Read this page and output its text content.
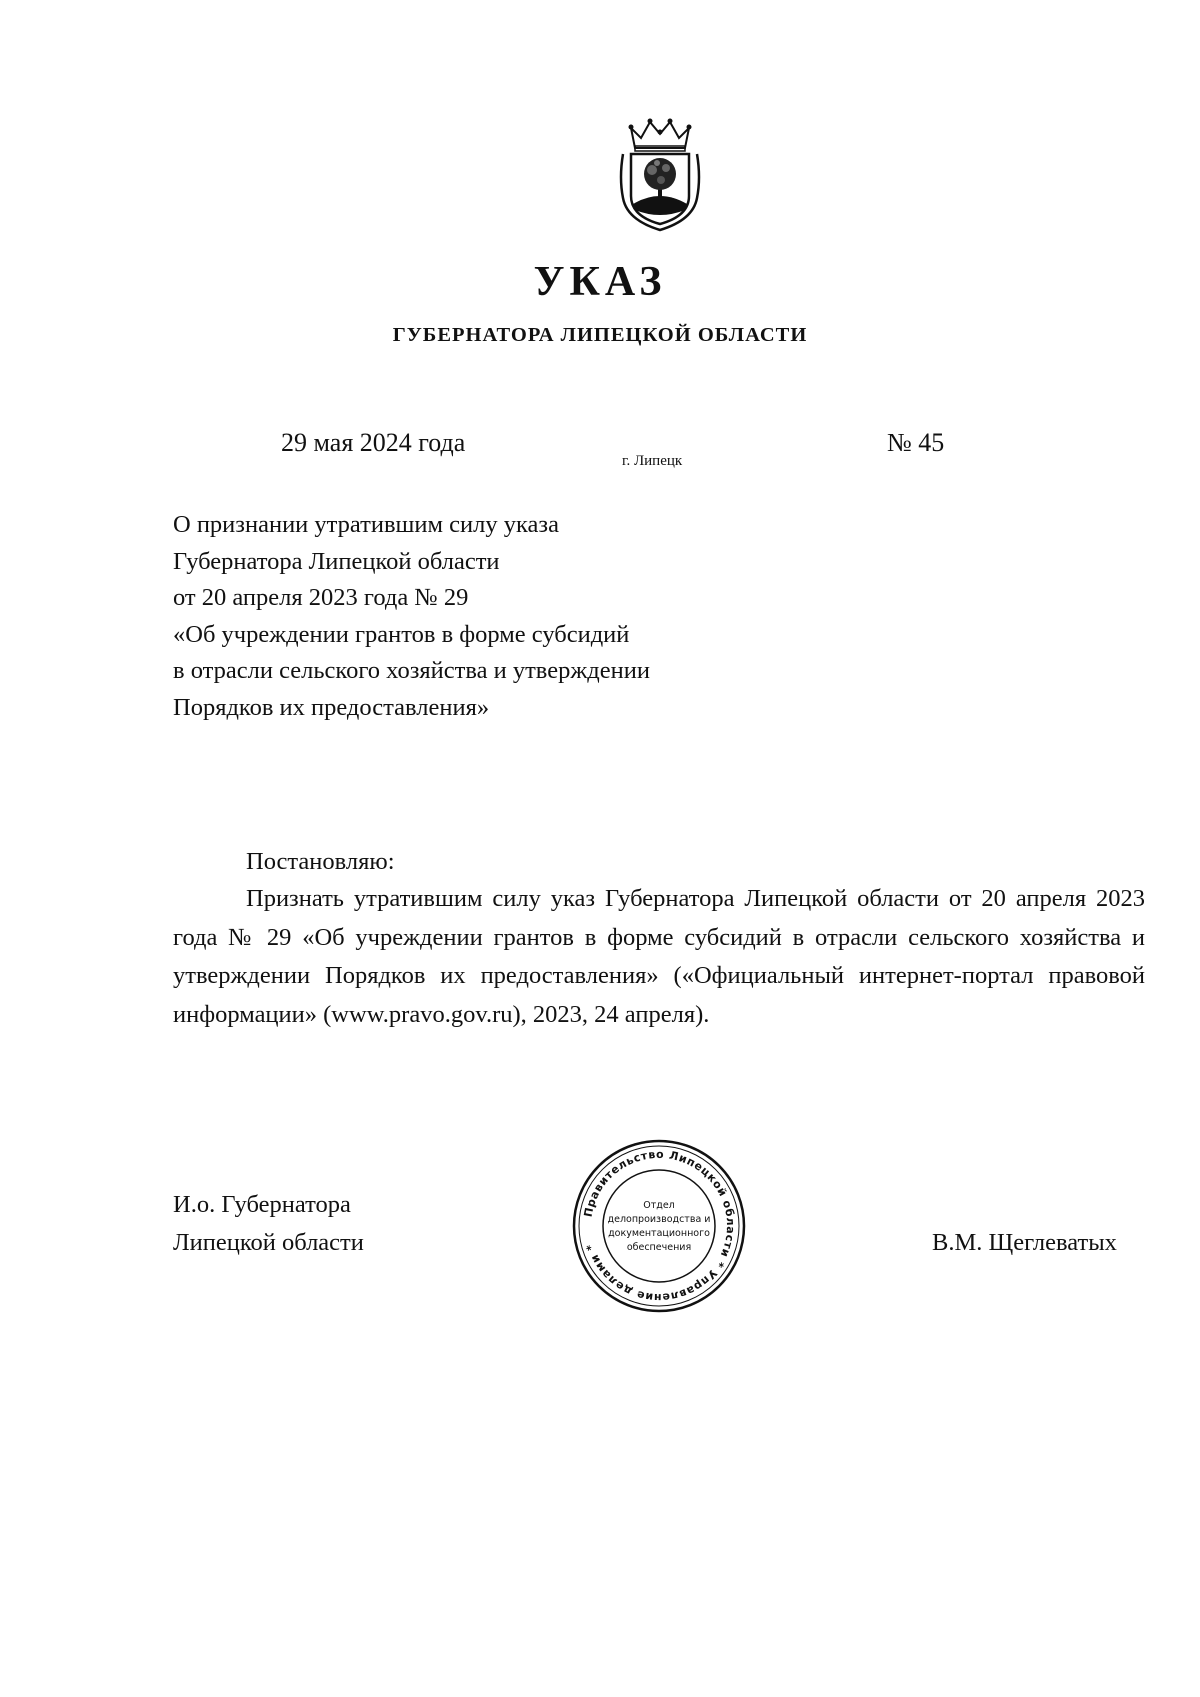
УКАЗ
ГУБЕРНАТОРА ЛИПЕЦКОЙ ОБЛАСТИ
29 мая 2024 года
г. Липецк
№ 45
О признании утратившим силу указа
Губернатора Липецкой области
от 20 апреля 2023 года № 29
«Об учреждении грантов в форме субсидий
в отрасли сельского хозяйства и утверждении
Порядков их предоставления»
Постановляю:
Признать утратившим силу указ Губернатора Липецкой области от 20 апреля 2023 года № 29 «Об учреждении грантов в форме субсидий в отрасли сельского хозяйства и утверждении Порядков их предоставления» («Официальный интернет-портал правовой информации» (www.pravo.gov.ru), 2023, 24 апреля).
И.о. Губернатора
Липецкой области
Правительство Липецкой области * Управление делами *
Отдел
делопроизводства и
документационного
обеспечения	В.М. Щеглеватых
